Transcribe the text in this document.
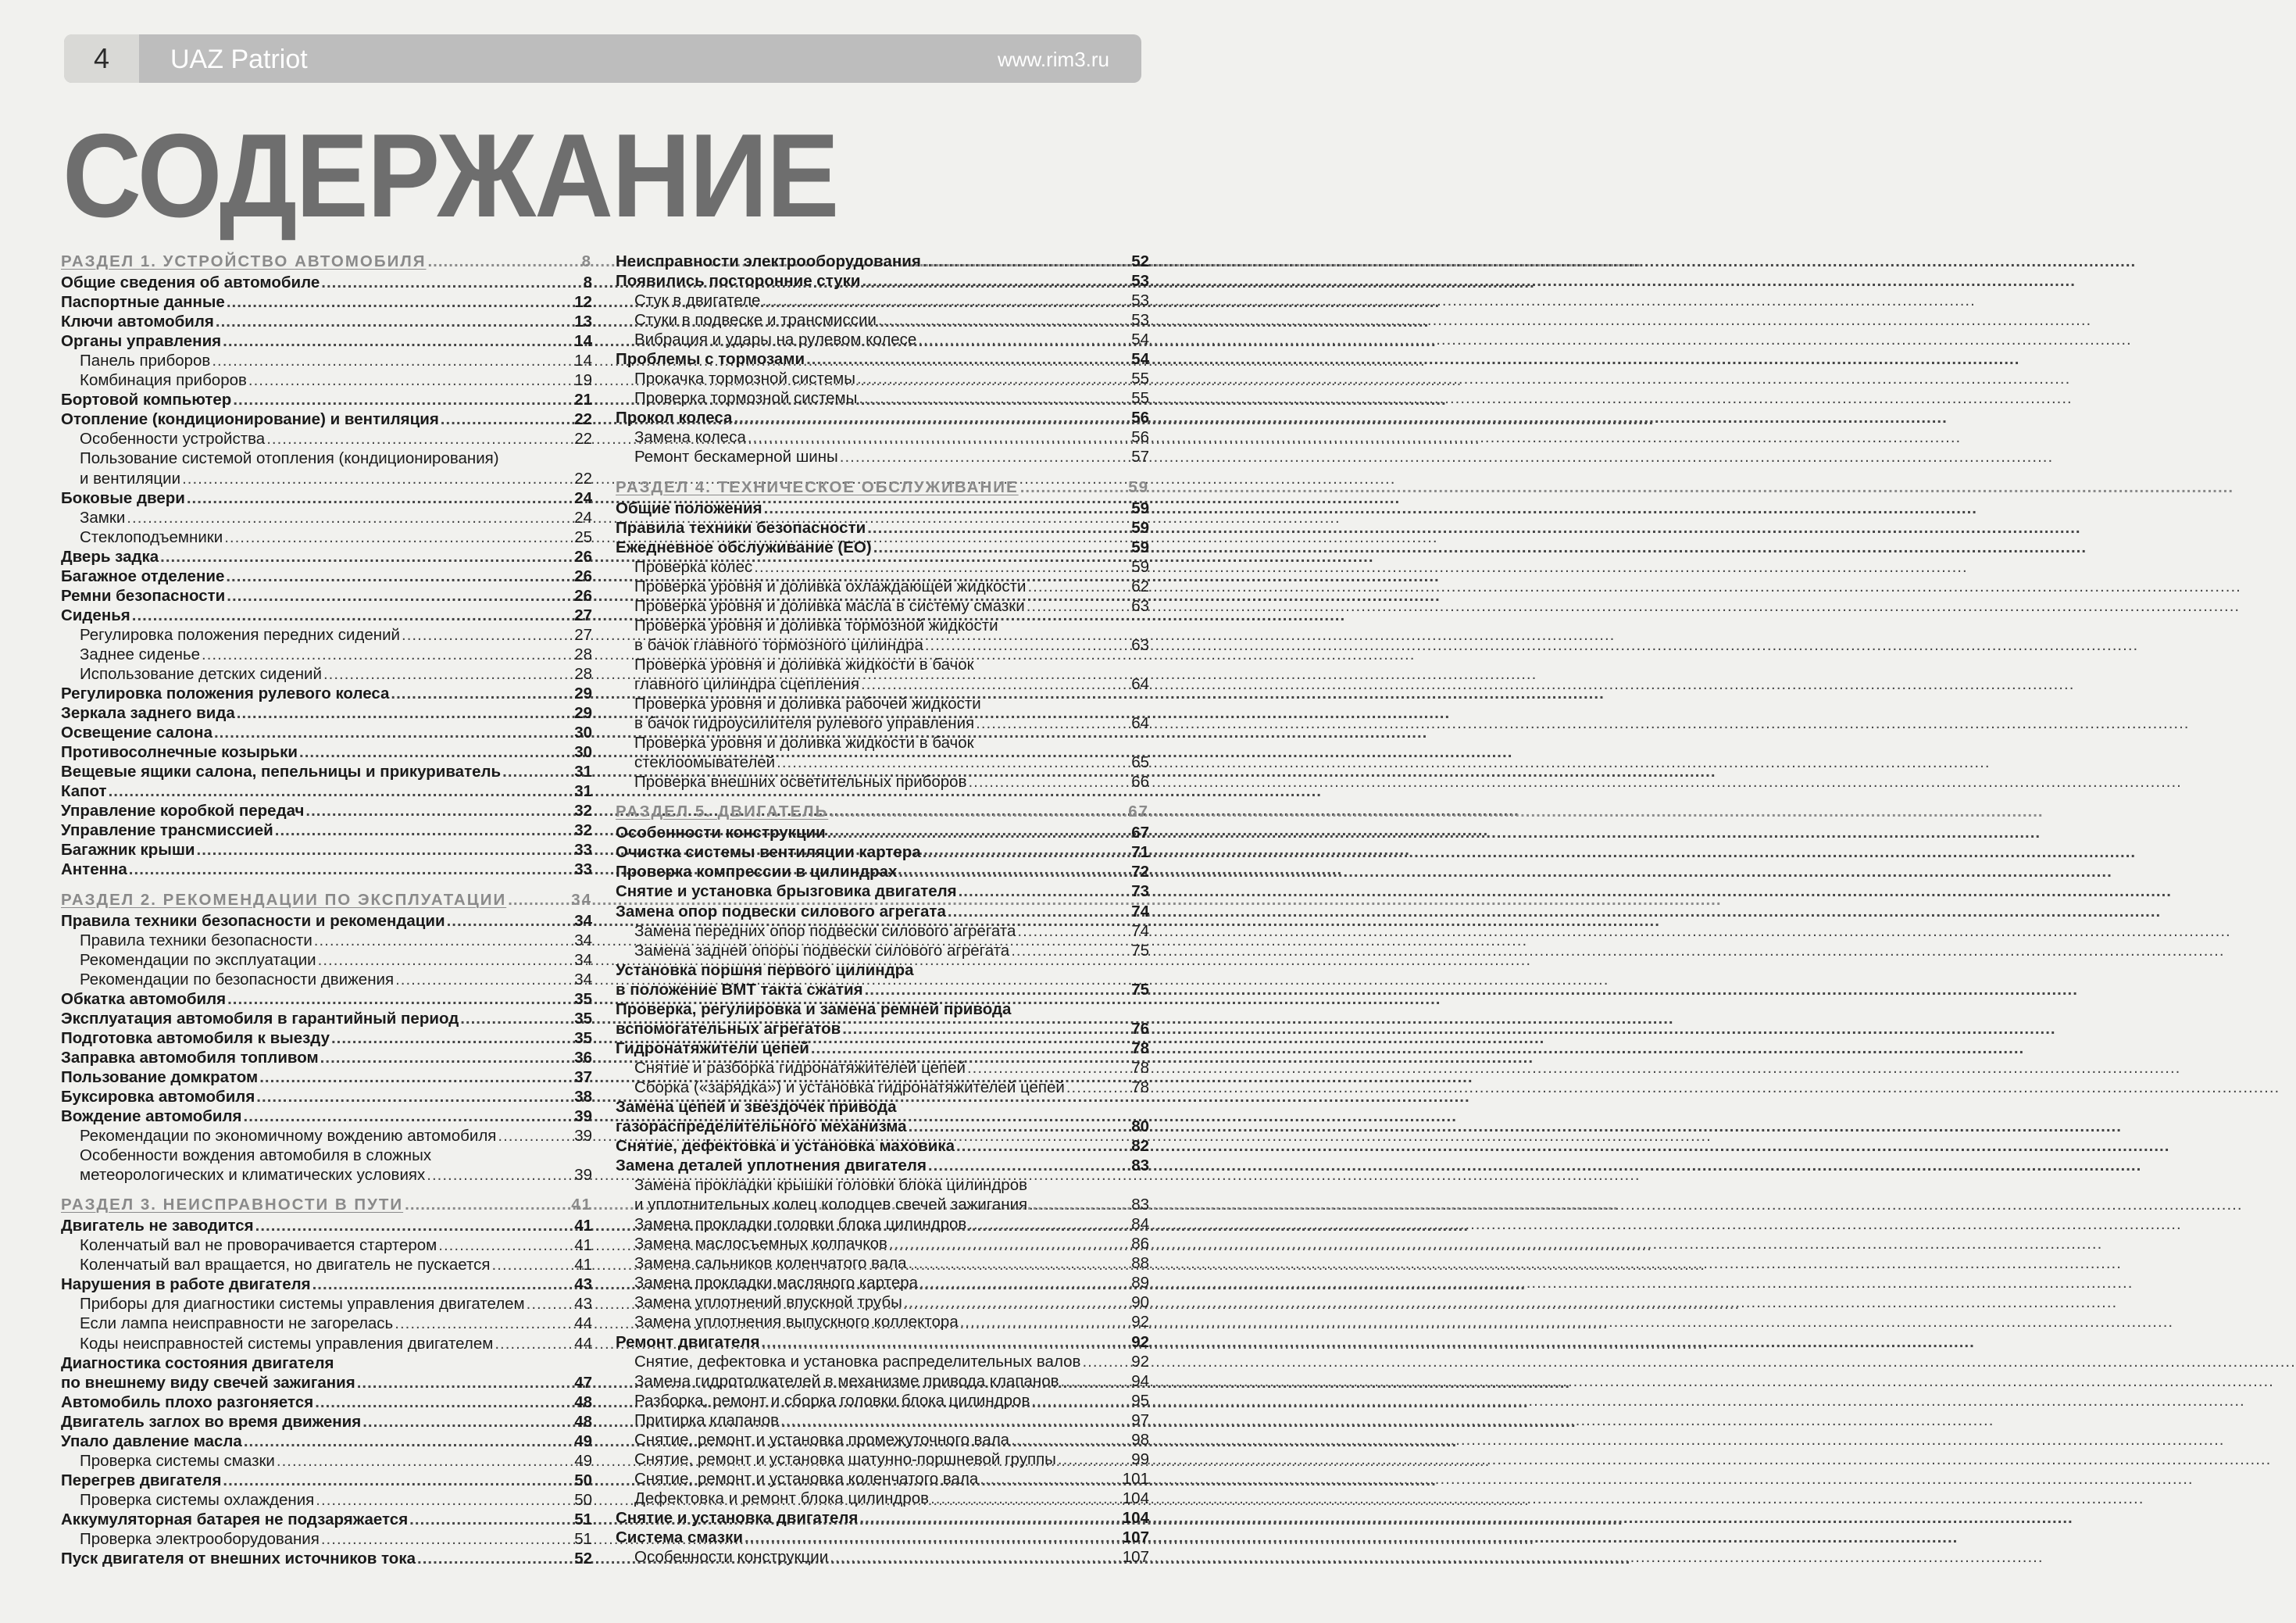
4	UAZ Patriot	www.rim3.ru
СОДЕРЖАНИЕ
РАЗДЕЛ 1. УСТРОЙСТВО АВТОМОБИЛЯ .....	8
Общие сведения об автомобиле .....	8
Паспортные данные .....	12
Ключи автомобиля .....	13
Органы управления .....	14
Панель приборов .....	14
Комбинация приборов .....	19
Бортовой компьютер .....	21
Отопление (кондиционирование) и вентиляция .....	22
Особенности устройства .....	22
Пользование системой отопления (кондиционирования)
и вентиляции .....	22
Боковые двери .....	24
Замки .....	24
Стеклоподъемники .....	25
Дверь задка .....	26
Багажное отделение .....	26
Ремни безопасности .....	26
Сиденья .....	27
Регулировка положения передних сидений .....	27
Заднее сиденье .....	28
Использование детских сидений .....	28
Регулировка положения рулевого колеса .....	29
Зеркала заднего вида .....	29
Освещение салона .....	30
Противосолнечные козырьки .....	30
Вещевые ящики салона, пепельницы и прикуриватель .....	31
Капот .....	31
Управление коробкой передач .....	32
Управление трансмиссией .....	32
Багажник крыши .....	33
Антенна .....	33
РАЗДЕЛ 2. РЕКОМЕНДАЦИИ ПО ЭКСПЛУАТАЦИИ .....	34
Правила техники безопасности и рекомендации .....	34
Правила техники безопасности .....	34
Рекомендации по эксплуатации .....	34
Рекомендации по безопасности движения .....	34
Обкатка автомобиля .....	35
Эксплуатация автомобиля в гарантийный период .....	35
Подготовка автомобиля к выезду .....	35
Заправка автомобиля топливом .....	36
Пользование домкратом .....	37
Буксировка автомобиля .....	38
Вождение автомобиля .....	39
Рекомендации по экономичному вождению автомобиля .....	39
Особенности вождения автомобиля в сложных
метеорологических и климатических условиях .....	39
РАЗДЕЛ 3. НЕИСПРАВНОСТИ В ПУТИ .....	41
Двигатель не заводится .....	41
Коленчатый вал не проворачивается стартером .....	41
Коленчатый вал вращается, но двигатель не пускается .....	41
Нарушения в работе двигателя .....	43
Приборы для диагностики системы управления двигателем .....	43
Если лампа неисправности не загорелась .....	44
Коды неисправностей системы управления двигателем .....	44
Диагностика состояния двигателя
по внешнему виду свечей зажигания .....	47
Автомобиль плохо разгоняется .....	48
Двигатель заглох во время движения .....	48
Упало давление масла .....	49
Проверка системы смазки .....	49
Перегрев двигателя .....	50
Проверка системы охлаждения .....	50
Аккумуляторная батарея не подзаряжается .....	51
Проверка электрооборудования .....	51
Пуск двигателя от внешних источников тока .....	52
Неисправности электрооборудования .....	52
Появились посторонние стуки .....	53
Стук в двигателе .....	53
Стуки в подвеске и трансмиссии .....	53
Вибрация и удары на рулевом колесе .....	54
Проблемы с тормозами .....	54
Прокачка тормозной системы .....	55
Проверка тормозной системы .....	55
Прокол колеса .....	56
Замена колеса .....	56
Ремонт бескамерной шины .....	57
РАЗДЕЛ 4. ТЕХНИЧЕСКОЕ ОБСЛУЖИВАНИЕ .....	59
Общие положения .....	59
Правила техники безопасности .....	59
Ежедневное обслуживание (ЕО) .....	59
Проверка колес .....	59
Проверка уровня и доливка охлаждающей жидкости .....	62
Проверка уровня и доливка масла в систему смазки .....	63
Проверка уровня и доливка тормозной жидкости
в бачок главного тормозного цилиндра .....	63
Проверка уровня и доливка жидкости в бачок
главного цилиндра сцепления .....	64
Проверка уровня и доливка рабочей жидкости
в бачок гидроусилителя рулевого управления .....	64
Проверка уровня и доливка жидкости в бачок
стеклоомывателей .....	65
Проверка внешних осветительных приборов .....	66
РАЗДЕЛ 5. ДВИГАТЕЛЬ .....	67
Особенности конструкции .....	67
Очистка системы вентиляции картера .....	71
Проверка компрессии в цилиндрах .....	72
Снятие и установка брызговика двигателя .....	73
Замена опор подвески силового агрегата .....	74
Замена передних опор подвески силового агрегата .....	74
Замена задней опоры подвески силового агрегата .....	75
Установка поршня первого цилиндра
в положение ВМТ такта сжатия .....	75
Проверка, регулировка и замена ремней привода
вспомогательных агрегатов .....	76
Гидронатяжители цепей .....	78
Снятие и разборка гидронатяжителей цепей .....	78
Сборка («зарядка») и установка гидронатяжителей цепей .....	78
Замена цепей и звездочек привода
газораспределительного механизма .....	80
Снятие, дефектовка и установка маховика .....	82
Замена деталей уплотнения двигателя .....	83
Замена прокладки крышки головки блока цилиндров
и уплотнительных колец колодцев свечей зажигания .....	83
Замена прокладки головки блока цилиндров .....	84
Замена маслосъемных колпачков .....	86
Замена сальников коленчатого вала .....	88
Замена прокладки масляного картера .....	89
Замена уплотнений впускной трубы .....	90
Замена уплотнения выпускного коллектора .....	92
Ремонт двигателя .....	92
Снятие, дефектовка и установка распределительных валов .....	92
Замена гидротолкателей в механизме привода клапанов .....	94
Разборка, ремонт и сборка головки блока цилиндров .....	95
Притирка клапанов .....	97
Снятие, ремонт и установка промежуточного вала .....	98
Снятие, ремонт и установка шатунно-поршневой группы .....	99
Снятие, ремонт и установка коленчатого вала .....	101
Дефектовка и ремонт блока цилиндров .....	104
Снятие и установка двигателя .....	104
Система смазки .....	107
Особенности конструкции .....	107
